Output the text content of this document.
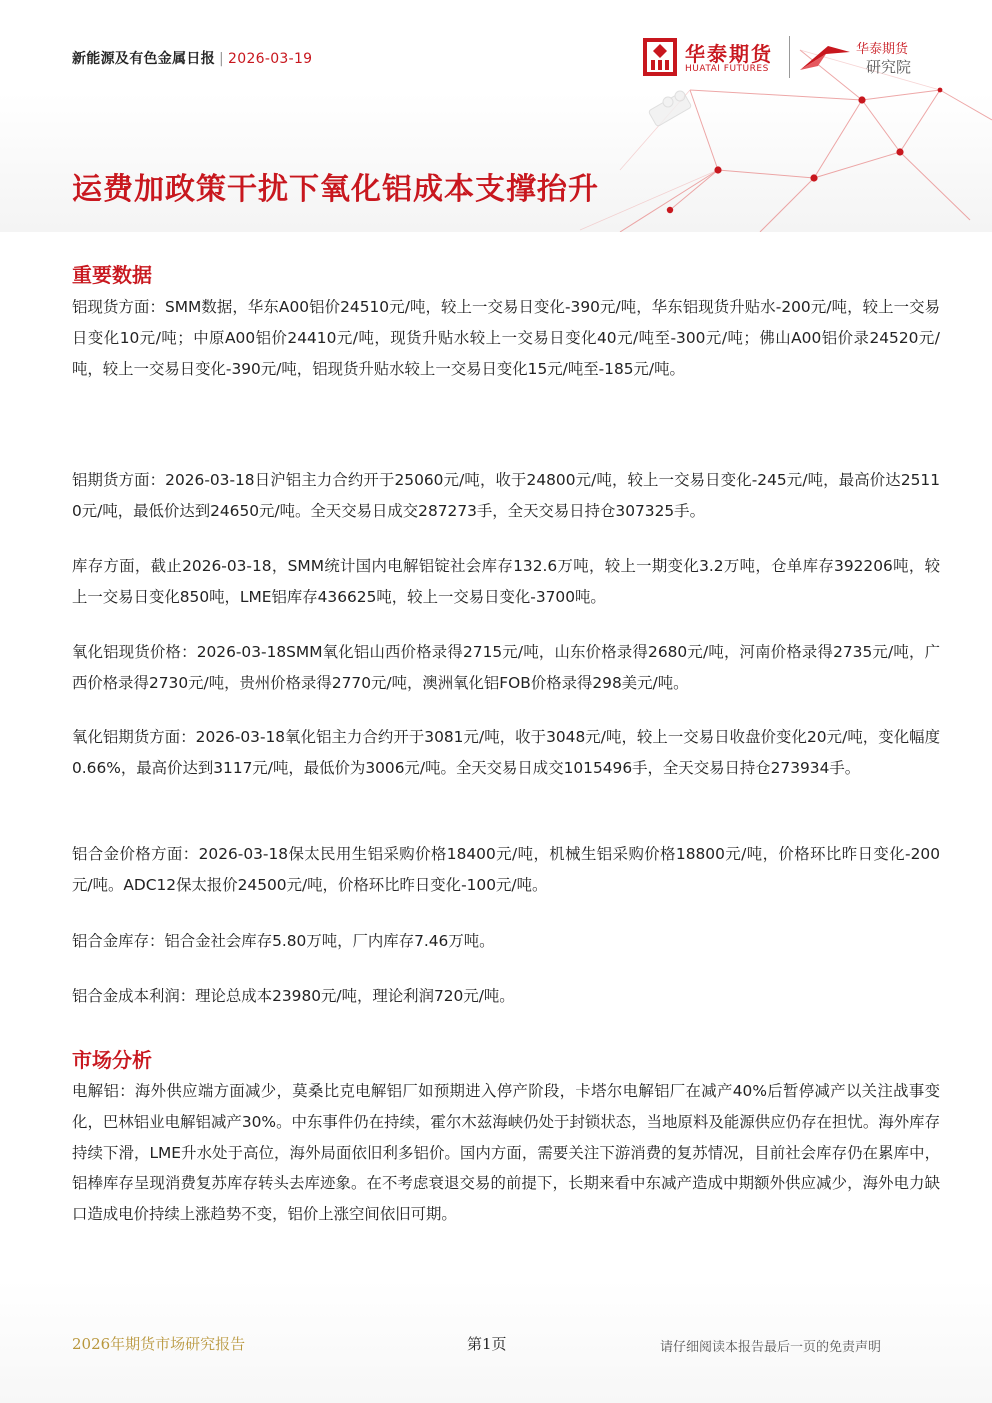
新能源及有色金属日报 | 2026-03-19	华泰期货
HUATAI FUTURES
华泰期货
研究院
运费加政策干扰下氧化铝成本支撑抬升
重要数据
铝现货方面：SMM数据，华东A00铝价24510元/吨，较上一交易日变化-390元/吨，华东铝现货升贴水-200元/吨，较上一交易日变化10元/吨；中原A00铝价24410元/吨，现货升贴水较上一交易日变化40元/吨至-300元/吨；佛山A00铝价录24520元/吨，较上一交易日变化-390元/吨，铝现货升贴水较上一交易日变化15元/吨至-185元/吨。
铝期货方面：2026-03-18日沪铝主力合约开于25060元/吨，收于24800元/吨，较上一交易日变化-245元/吨，最高价达25110元/吨，最低价达到24650元/吨。全天交易日成交287273手，全天交易日持仓307325手。
库存方面，截止2026-03-18，SMM统计国内电解铝锭社会库存132.6万吨，较上一期变化3.2万吨，仓单库存392206吨，较上一交易日变化850吨，LME铝库存436625吨，较上一交易日变化-3700吨。
氧化铝现货价格：2026-03-18SMM氧化铝山西价格录得2715元/吨，山东价格录得2680元/吨，河南价格录得2735元/吨，广西价格录得2730元/吨，贵州价格录得2770元/吨，澳洲氧化铝FOB价格录得298美元/吨。
氧化铝期货方面：2026-03-18氧化铝主力合约开于3081元/吨，收于3048元/吨，较上一交易日收盘价变化20元/吨，变化幅度0.66%，最高价达到3117元/吨，最低价为3006元/吨。全天交易日成交1015496手，全天交易日持仓273934手。
铝合金价格方面：2026-03-18保太民用生铝采购价格18400元/吨，机械生铝采购价格18800元/吨，价格环比昨日变化-200元/吨。ADC12保太报价24500元/吨，价格环比昨日变化-100元/吨。
铝合金库存：铝合金社会库存5.80万吨，厂内库存7.46万吨。
铝合金成本利润：理论总成本23980元/吨，理论利润720元/吨。
市场分析
电解铝：海外供应端方面减少，莫桑比克电解铝厂如预期进入停产阶段，卡塔尔电解铝厂在减产40%后暂停减产以关注战事变化，巴林铝业电解铝减产30%。中东事件仍在持续，霍尔木兹海峡仍处于封锁状态，当地原料及能源供应仍存在担忧。海外库存持续下滑，LME升水处于高位，海外局面依旧利多铝价。国内方面，需要关注下游消费的复苏情况，目前社会库存仍在累库中，铝棒库存呈现消费复苏库存转头去库迹象。在不考虑衰退交易的前提下，长期来看中东减产造成中期额外供应减少，海外电力缺口造成电价持续上涨趋势不变，铝价上涨空间依旧可期。
2026年期货市场研究报告	第1页	请仔细阅读本报告最后一页的免责声明
